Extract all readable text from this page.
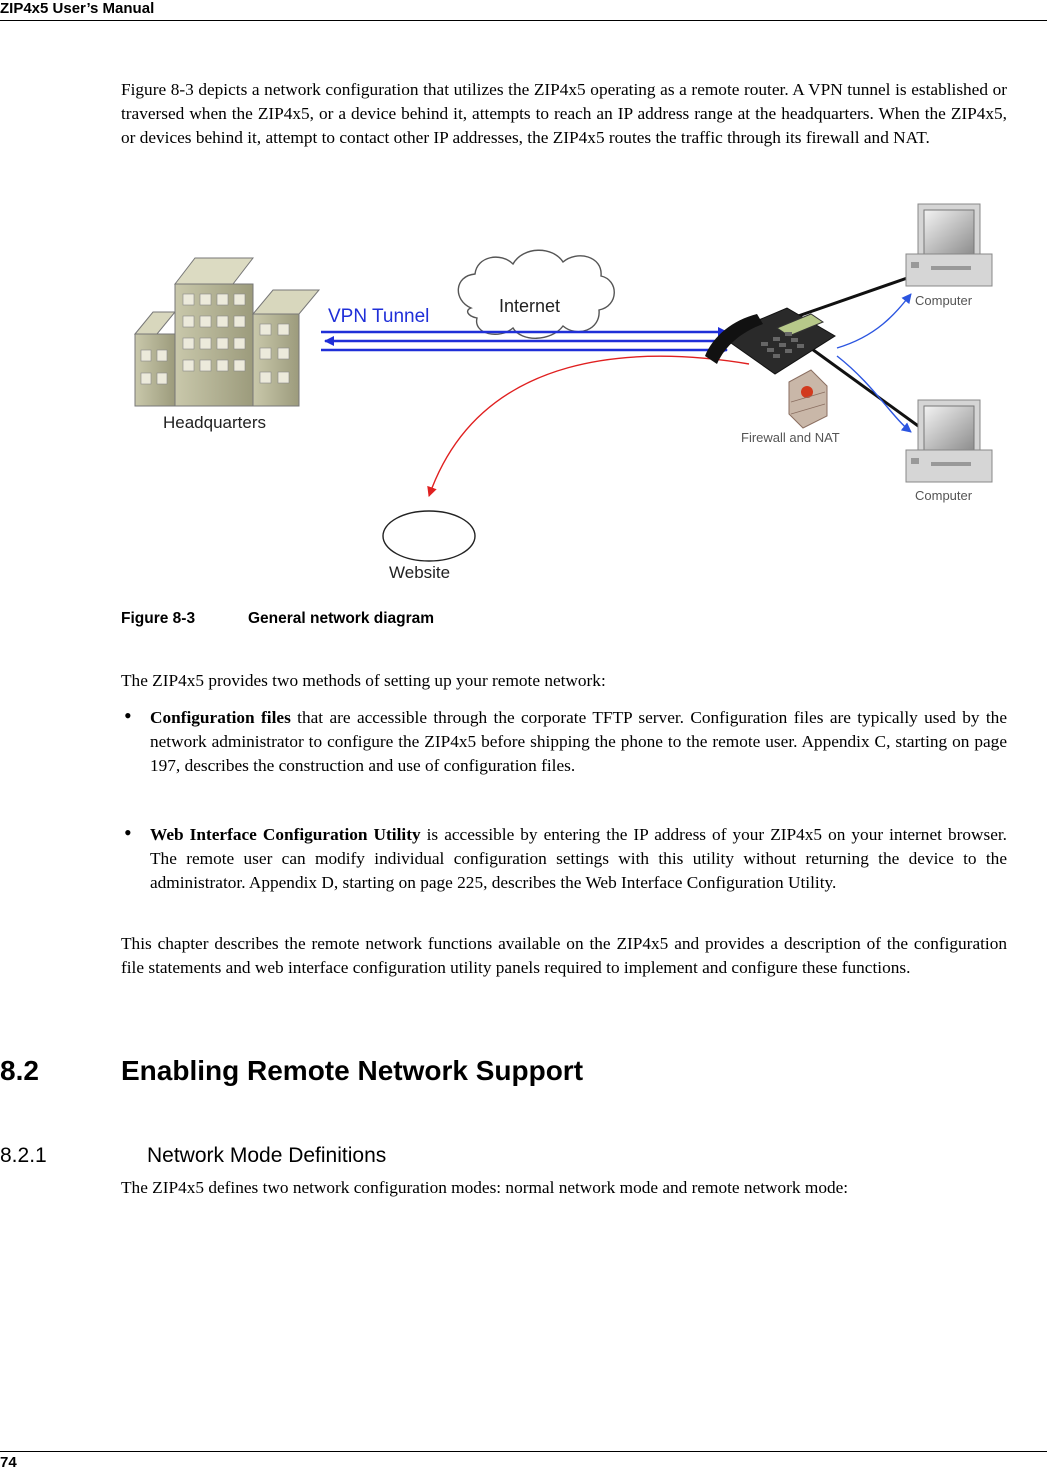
ZIP4x5 User’s Manual

Figure 8-3 depicts a network configuration that utilizes the ZIP4x5 operating as a remote router. A VPN tunnel is established or traversed when the ZIP4x5, or a device behind it, attempts to reach an IP address range at the headquarters. When the ZIP4x5, or devices behind it, attempt to contact other IP addresses, the ZIP4x5 routes the traffic through its firewall and NAT.

Headquarters
Internet
VPN Tunnel
Firewall and NAT
Computer
Computer
Website
Figure 8-3	General network diagram

The ZIP4x5 provides two methods of setting up your remote network:

• Configuration files that are accessible through the corporate TFTP server. Configuration files are typically used by the network administrator to configure the ZIP4x5 before shipping the phone to the remote user. Appendix C, starting on page 197, describes the construction and use of configuration files.
• Web Interface Configuration Utility is accessible by entering the IP address of your ZIP4x5 on your internet browser. The remote user can modify individual configuration settings with this utility without returning the device to the administrator. Appendix D, starting on page 225, describes the Web Interface Configuration Utility.

This chapter describes the remote network functions available on the ZIP4x5 and provides a description of the configuration file statements and web interface configuration utility panels required to implement and configure these functions.

8.2	Enabling Remote Network Support
8.2.1	Network Mode Definitions

The ZIP4x5 defines two network configuration modes: normal network mode and remote network mode:

74
